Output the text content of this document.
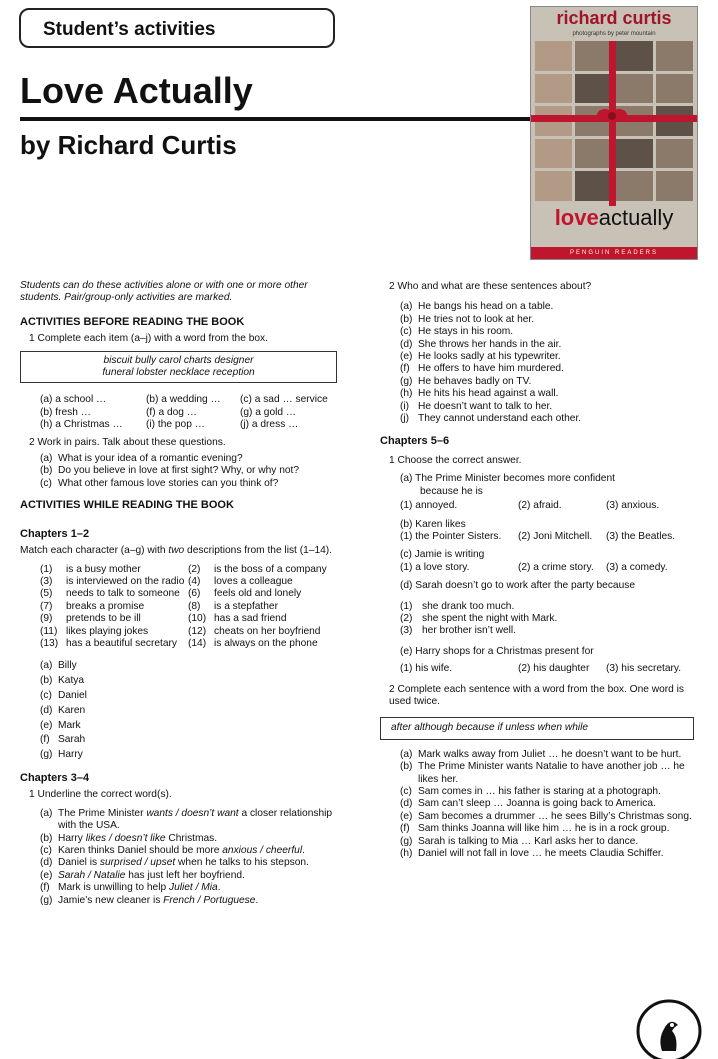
Student’s activities
Love Actually
by Richard Curtis
richard curtis
photographs by peter mountain
loveactually
PENGUIN READERS

Students can do these activities alone or with one or more other students. Pair/group-only activities are marked.

ACTIVITIES BEFORE READING THE BOOK

1 Complete each item (a–j) with a word from the box.

biscuit bully carol charts designer
funeral lobster necklace reception
(a) a school …	(b) a wedding …	(c) a sad … service
(b) fresh …	(f) a dog …	(g) a gold …
(h) a Christmas …	(i) the pop …	(j) a dress …

2 Work in pairs. Talk about these questions.

(a) What is your idea of a romantic evening?
(b) Do you believe in love at first sight? Why, or why not?
(c) What other famous love stories can you think of?

ACTIVITIES WHILE READING THE BOOK

Chapters 1–2

Match each character (a–g) with two descriptions from the list (1–14).

(1)	is a busy mother	(2)	is the boss of a company
(3)	is interviewed on the radio	(4)	loves a colleague
(5)	needs to talk to someone	(6)	feels old and lonely
(7)	breaks a promise	(8)	is a stepfather
(9)	pretends to be ill	(10)	has a sad friend
(11)	likes playing jokes	(12)	cheats on her boyfriend
(13)	has a beautiful secretary	(14)	is always on the phone
(a) Billy
(b) Katya
(c) Daniel
(d) Karen
(e) Mark
(f) Sarah
(g) Harry

Chapters 3–4

1 Underline the correct word(s).

(a) The Prime Minister wants / doesn’t want a closer relationship with the USA.
(b) Harry likes / doesn’t like Christmas.
(c) Karen thinks Daniel should be more anxious / cheerful.
(d) Daniel is surprised / upset when he talks to his stepson.
(e) Sarah / Natalie has just left her boyfriend.
(f) Mark is unwilling to help Juliet / Mia.
(g) Jamie’s new cleaner is French / Portuguese.

2 Who and what are these sentences about?

(a) He bangs his head on a table.
(b) He tries not to look at her.
(c) He stays in his room.
(d) She throws her hands in the air.
(e) He looks sadly at his typewriter.
(f) He offers to have him murdered.
(g) He behaves badly on TV.
(h) He hits his head against a wall.
(i) He doesn’t want to talk to her.
(j) They cannot understand each other.

Chapters 5–6

1 Choose the correct answer.

(a) The Prime Minister becomes more confident
because he is
(1) annoyed.	(2) afraid.	(3) anxious.
(b) Karen likes
(1) the Pointer Sisters.	(2) Joni Mitchell.	(3) the Beatles.
(c) Jamie is writing
(1) a love story.	(2) a crime story.	(3) a comedy.
(d) Sarah doesn’t go to work after the party because
(1) she drank too much.
(2) she spent the night with Mark.
(3) her brother isn’t well.
(e) Harry shops for a Christmas present for
(1) his wife.	(2) his daughter	(3) his secretary.

2 Complete each sentence with a word from the box. One word is used twice.

after although because if unless when while
(a) Mark walks away from Juliet … he doesn’t want to be hurt.
(b) The Prime Minister wants Natalie to have another job … he likes her.
(c) Sam comes in … his father is staring at a photograph.
(d) Sam can’t sleep … Joanna is going back to America.
(e) Sam becomes a drummer … he sees Billy’s Christmas song.
(f) Sam thinks Joanna will like him … he is in a rock group.
(g) Sarah is talking to Mia … Karl asks her to dance.
(h) Daniel will not fall in love … he meets Claudia Schiffer.
